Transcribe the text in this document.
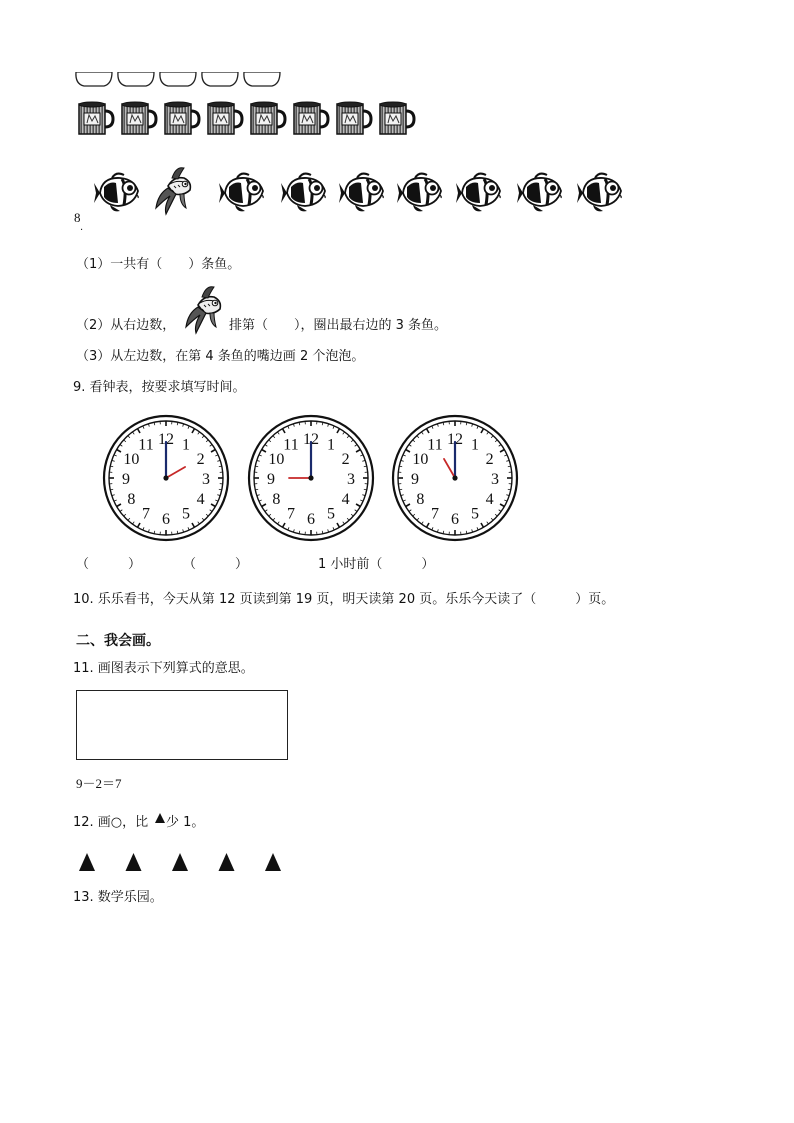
8
.
（1）一共有（　　）条鱼。
（2）从右边数，	排第（　　），圈出最右边的 3 条鱼。
（3）从左边数，在第 4 条鱼的嘴边画 2 个泡泡。
9. 看钟表，按要求填写时间。
12 1
2
3
4
5
6
7
8
9
10
11	12 1
2
3
4
5
6
7
8
9
10
11	12 1
2
3
4
5
6
7
8
9
10
11
（　　　）	（　　　）	1 小时前（　　　）
10. 乐乐看书，今天从第 12 页读到第 19 页，明天读第 20 页。乐乐今天读了（　　　）页。
二、我会画。
11. 画图表示下列算式的意思。
9－2＝7
12. 画○，比 少 1。
13. 数学乐园。
